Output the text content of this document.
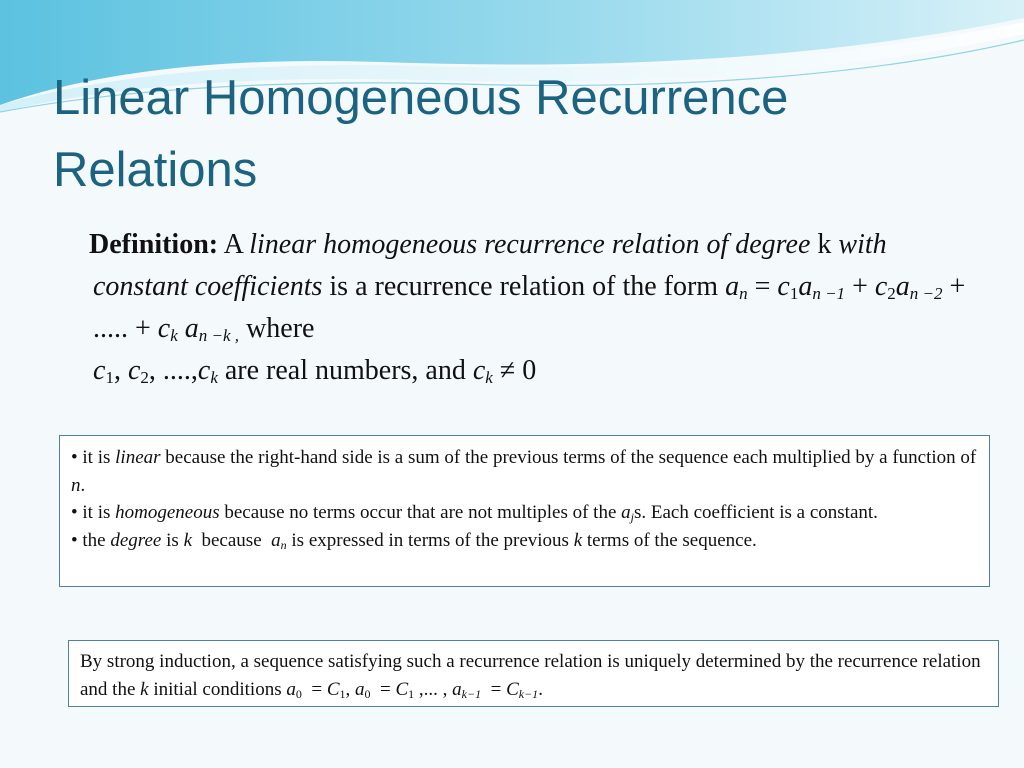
Linear Homogeneous Recurrence Relations
Definition: A linear homogeneous recurrence relation of degree k with constant coefficients is a recurrence relation of the form $a_n = c_1a_{n -1} + c_2a_{n -2}$ + ..... + $c_k$ $a_{n -k ,}$ where
$c_1$, $c_2$, $....,c_k$ are real numbers, and $c_k \ne 0$
• it is linear because the right-hand side is a sum of the previous terms of the sequence each multiplied by a function of n.
• it is homogeneous because no terms occur that are not multiples of the $a_js$. Each coefficient is a constant.
• the degree is k  because  $a_n$ is expressed in terms of the previous k terms of the sequence.
By strong induction, a sequence satisfying such a recurrence relation is uniquely determined by the recurrence relation and the k initial conditions $a_0 = C_1$, $a_0 = C_1$ ,... , $a_{k-1} = C_{k-1}$.
